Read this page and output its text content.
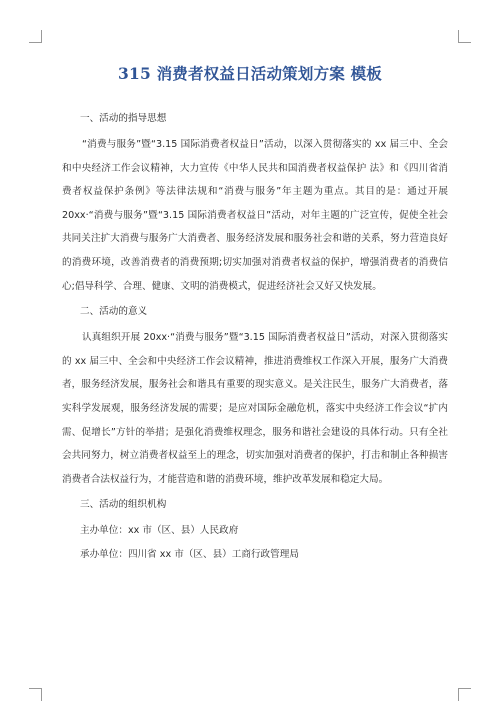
315 消费者权益日活动策划方案 模板
一、活动的指导思想

“消费与服务”暨“3.15 国际消费者权益日”活动，以深入贯彻落实的 xx 届三中、全会和中央经济工作会议精神，大力宣传《中华人民共和国消费者权益保护 法》和《四川省消费者权益保护条例》等法律法规和“消费与服务”年主题为重点。其目的是：通过开展 20xx·“消费与服务”暨“3.15 国际消费者权益日”活动，对年主题的广泛宣传，促使全社会共同关注扩大消费与服务广大消费者、服务经济发展和服务社会和谐的关系，努力营造良好的消费环境，改善消费者的消费预期;切实加强对消费者权益的保护，增强消费者的消费信心;倡导科学、合理、健康、文明的消费模式，促进经济社会又好又快发展。

二、活动的意义

认真组织开展 20xx·“消费与服务”暨“3.15 国际消费者权益日”活动，对深入贯彻落实的 xx 届三中、全会和中央经济工作会议精神，推进消费维权工作深入开展，服务广大消费者，服务经济发展，服务社会和谐具有重要的现实意义。是关注民生，服务广大消费者，落实科学发展观，服务经济发展的需要；是应对国际金融危机，落实中央经济工作会议“扩内需、促增长”方针的举措；是强化消费维权理念，服务和谐社会建设的具体行动。只有全社会共同努力，树立消费者权益至上的理念，切实加强对消费者的保护，打击和制止各种损害消费者合法权益行为，才能营造和谐的消费环境，维护改革发展和稳定大局。

三、活动的组织机构
主办单位：xx 市（区、县）人民政府
承办单位：四川省 xx 市（区、县）工商行政管理局
